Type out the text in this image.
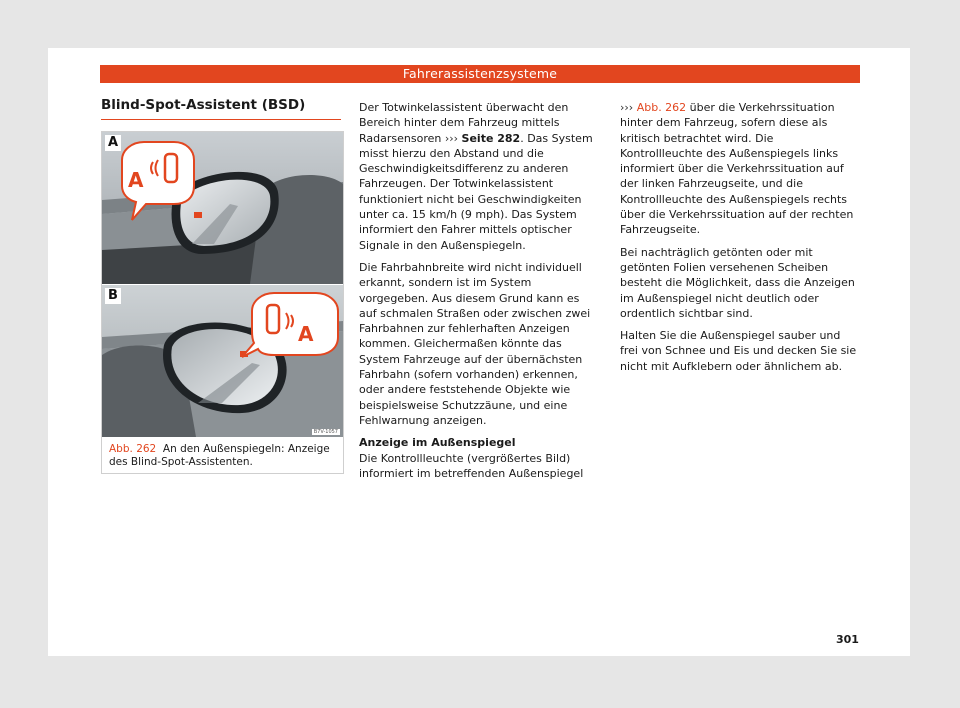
Fahrerassistenzsysteme
Blind-Spot-Assistent (BSD)
A
A
B
A
B7V-1057
Abb. 262 An den Außenspiegeln: Anzeige des Blind-Spot-Assistenten.

Der Totwinkelassistent überwacht den Bereich hinter dem Fahrzeug mittels Radarsensoren ››› Seite 282. Das System misst hierzu den Abstand und die Geschwindigkeitsdifferenz zu anderen Fahrzeugen. Der Totwinkelassistent funktioniert nicht bei Geschwindigkeiten unter ca. 15 km/h (9 mph). Das System informiert den Fahrer mittels optischer Signale in den Außenspiegeln.

Die Fahrbahnbreite wird nicht individuell erkannt, sondern ist im System vorgegeben. Aus diesem Grund kann es auf schmalen Straßen oder zwischen zwei Fahrbahnen zur fehlerhaften Anzeigen kommen. Gleichermaßen könnte das System Fahrzeuge auf der übernächsten Fahrbahn (sofern vorhanden) erkennen, oder andere feststehende Objekte wie beispielsweise Schutzzäune, und eine Fehlwarnung anzeigen.

Anzeige im Außenspiegel

Die Kontrollleuchte (vergrößertes Bild) informiert im betreffenden Außenspiegel

››› Abb. 262 über die Verkehrssituation hinter dem Fahrzeug, sofern diese als kritisch betrachtet wird. Die Kontrollleuchte des Außenspiegels links informiert über die Verkehrssituation auf der linken Fahrzeugseite, und die Kontrollleuchte des Außenspiegels rechts über die Verkehrssituation auf der rechten Fahrzeugseite.

Bei nachträglich getönten oder mit getönten Folien versehenen Scheiben besteht die Möglichkeit, dass die Anzeigen im Außenspiegel nicht deutlich oder ordentlich sichtbar sind.

Halten Sie die Außenspiegel sauber und frei von Schnee und Eis und decken Sie sie nicht mit Aufklebern oder ähnlichem ab.

301
